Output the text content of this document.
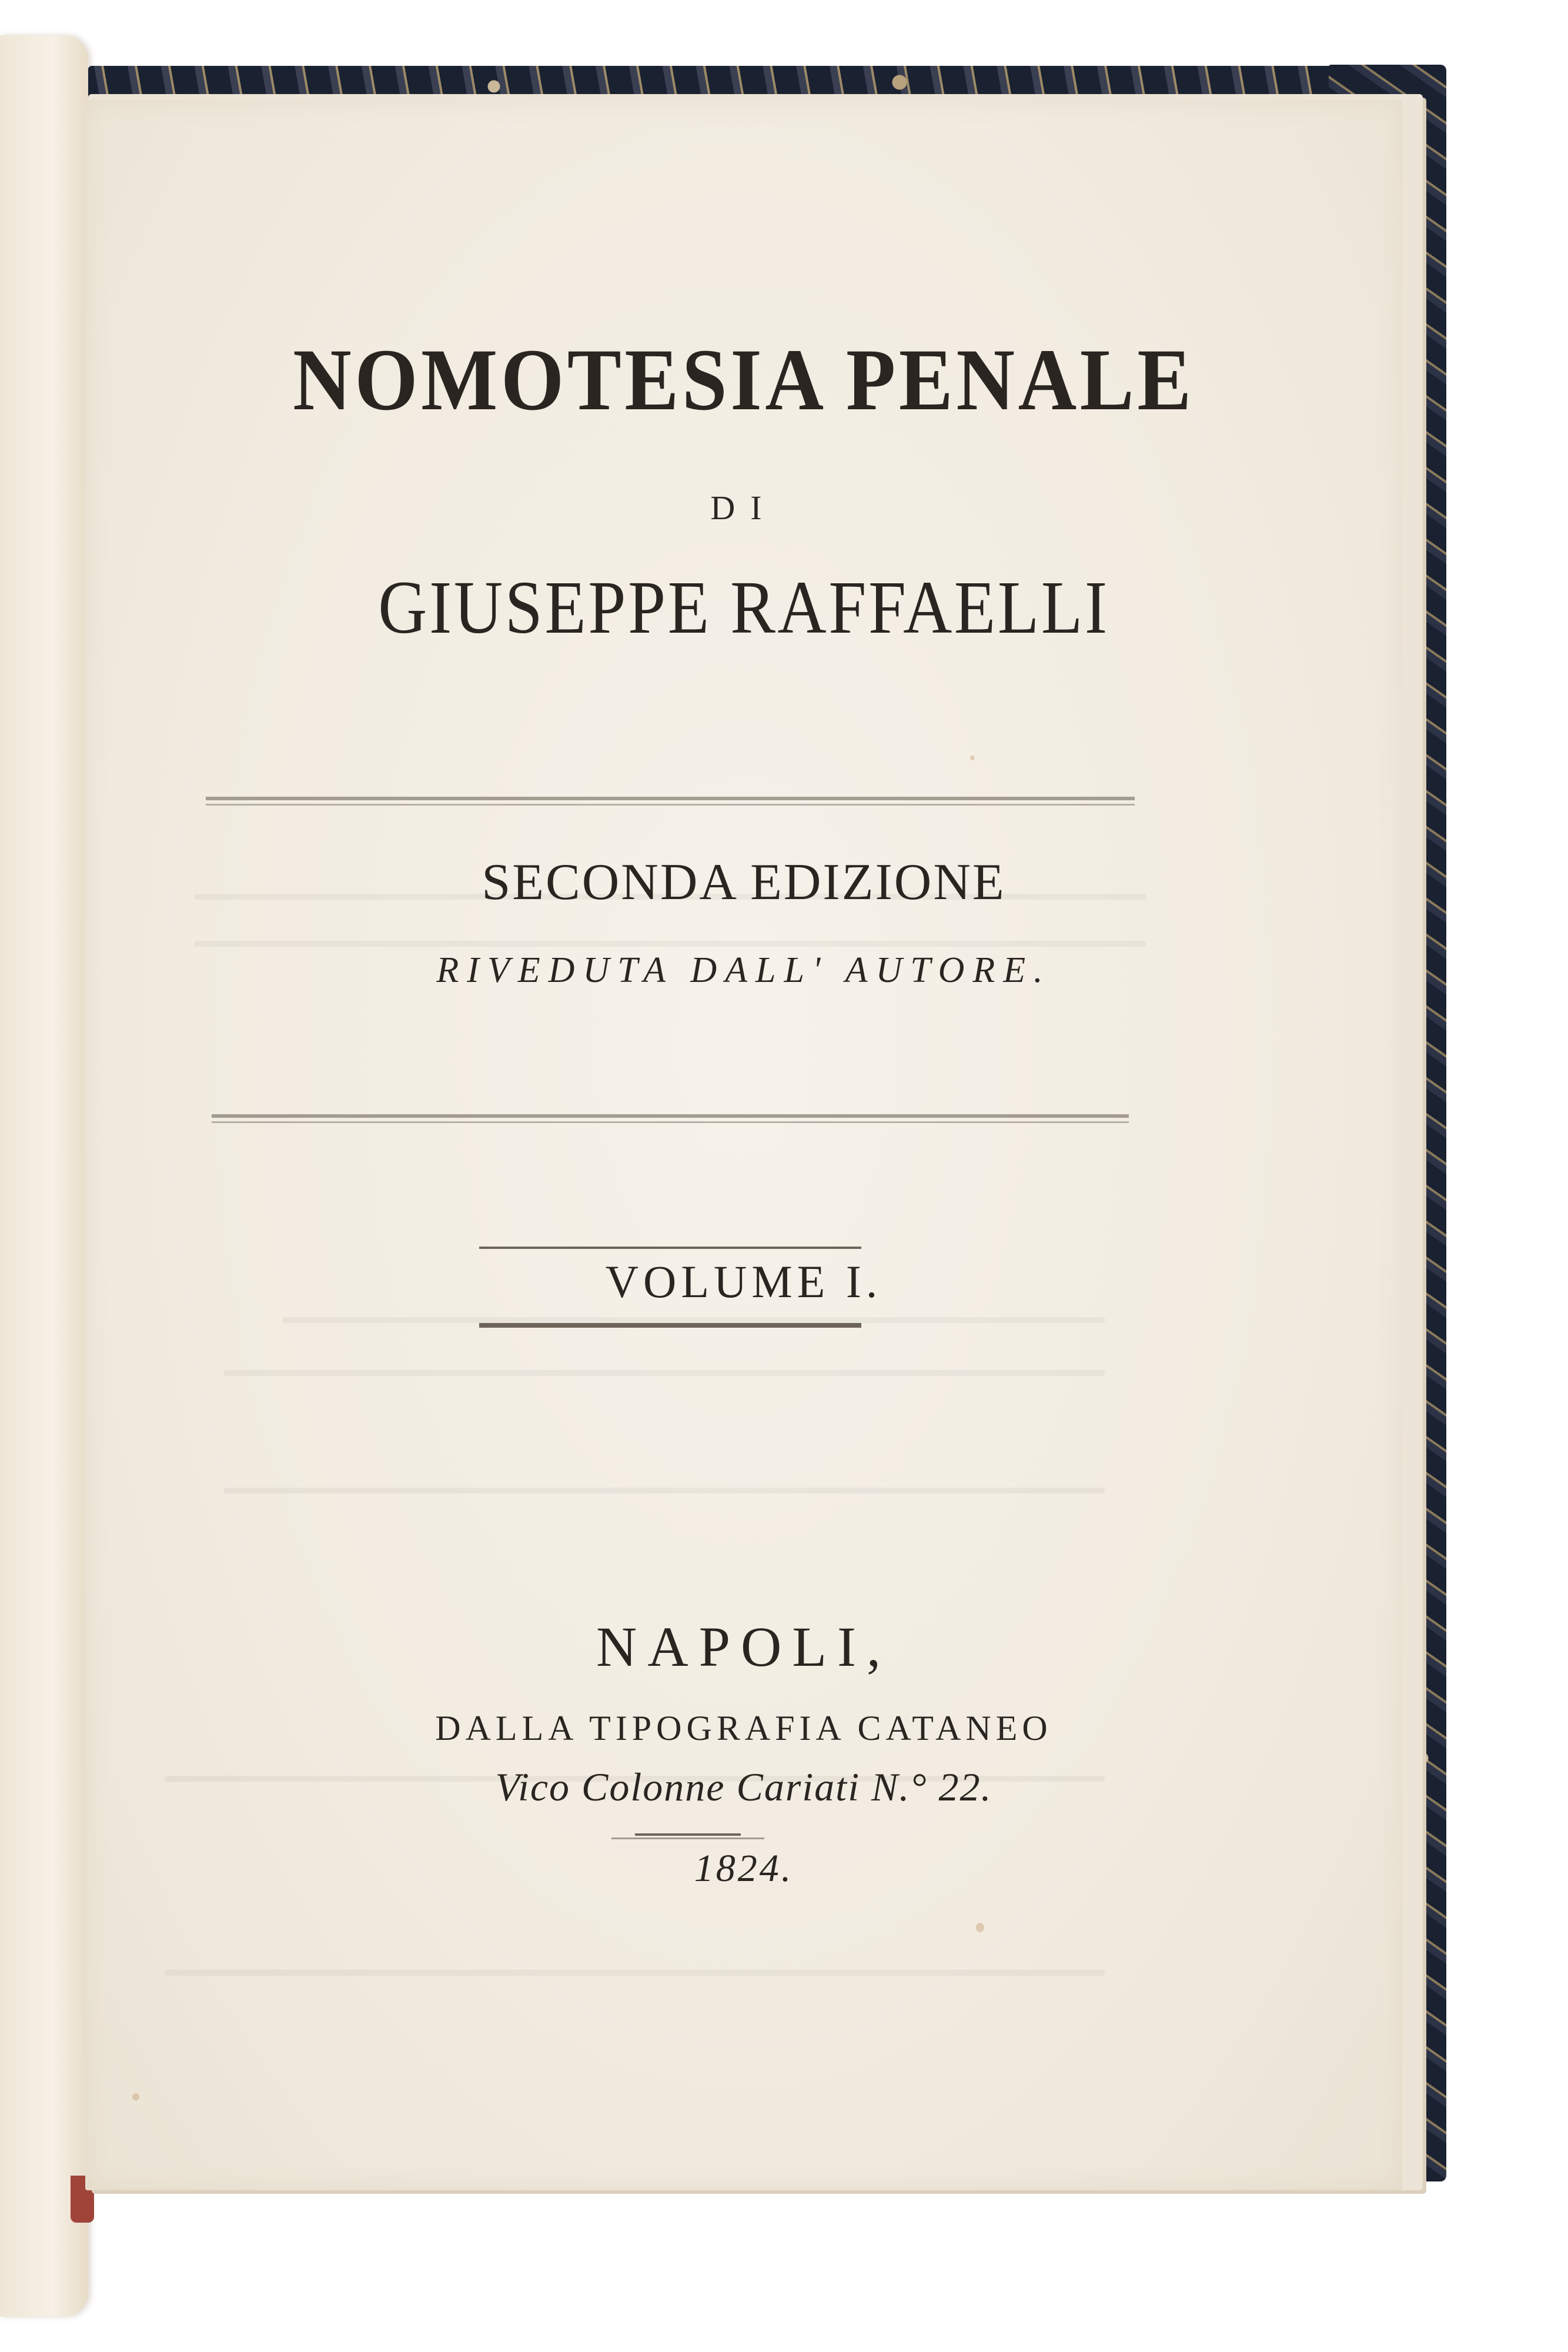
NOMOTESIA PENALE
DI
GIUSEPPE RAFFAELLI
SECONDA EDIZIONE
RIVEDUTA DALL' AUTORE.
VOLUME I.
NAPOLI,
DALLA TIPOGRAFIA CATANEO
Vico Colonne Cariati N.° 22.
1824.
